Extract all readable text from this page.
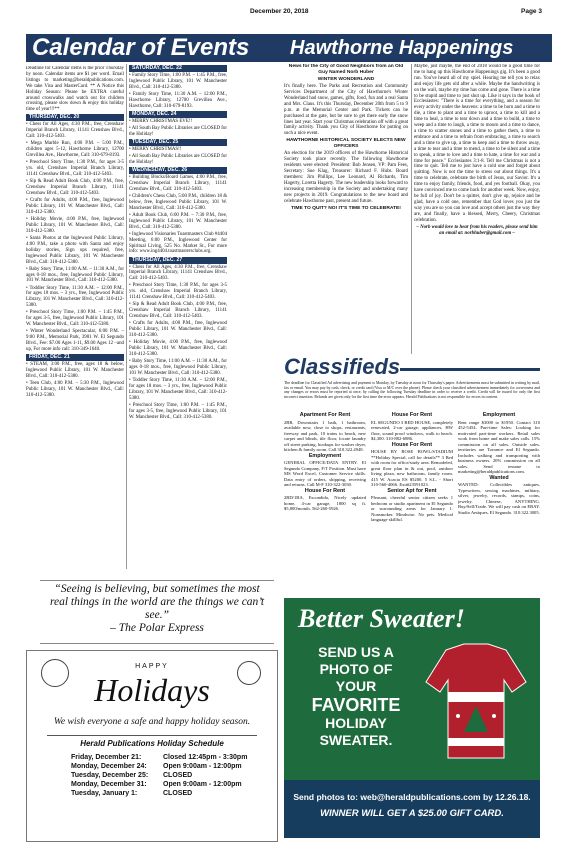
December 20, 2018	Page 3
Calendar of Events

Deadline for Calendar items is the prior Thursday by noon. Calendar items are $1 per word. Email listings to marketing@heraldpublications.com. We take Visa and MasterCard. ** A Notice this Holiday Season: Please be EXTRA careful around crosswalks and watch out for children crossing, please slow down & enjoy this holiday time of year!!!**

THURSDAY, DEC. 20

• Chess for All Ages, 4:30 P.M., free, Crenshaw Imperial Branch Library, 11141 Crenshaw Blvd., Call: 310-412-5403.

• Mega Marble Run, 4:00 P.M. – 5:00 P.M., children ages 5-12, Hawthorne Library, 12700 Grevillea Ave., Hawthorne, Call: 310-679-8193.

• Preschool Story Time, 1:30 P.M., for ages 3-5 yrs. old, Crenshaw Imperial Branch Library, 11141 Crenshaw Blvd., Call: 310-412-5403.

• Sip & Read Adult Book Club, 4:00 P.M., free, Crenshaw Imperial Branch Library, 11141 Crenshaw Blvd., Call: 310-412-5403.

• Crafts for Adults, 4:00 P.M., free, Inglewood Public Library, 101 W. Manchester Blvd., Call: 310-412-5380.

• Holiday Movie, 4:00 P.M., free, Inglewood Public Library, 101 W. Manchester Blvd., Call: 310-412-5380.

• Santa Photos at the Inglewood Public Library, 4:00 P.M., take a photo with Santa and enjoy holiday stories, Sign ups required, free, Inglewood Public Library, 101 W. Manchester Blvd., Call: 310-412-5380.

• Baby Story Time, 11:00 A.M. – 11:30 A.M., for ages 0-18 mos., free, Inglewood Public Library, 101 W. Manchester Blvd., Call: 310-412-5380.

• Toddler Story Time, 11:30 A.M. – 12:00 P.M., for ages 18 mos. – 3 yrs., free, Inglewood Public Library, 101 W. Manchester Blvd., Call: 310-412-5380.

• Preschool Story Time, 1:00 P.M. – 1:45 P.M., for ages 3-5, free, Inglewood Public Library, 101 W. Manchester Blvd., Call: 310-412-5380.

• Winter Wonderland Spectacular, 6:00 P.M. – 9:00 P.M., Memorial Park, 3901 W. El Segundo Blvd., Fee: $7.00 Ages 1-11, $9.00 Ages 12 –and up, For more info call: 310-349-1640.

FRIDAY, DEC. 21

• STEAM, 3:00 P.M., free, ages 18 & below, Inglewood Public Library, 101 W. Manchester Blvd., Call: 310-412-5380.

• Teen Club, 4:00 P.M. – 5:30 P.M., Inglewood Public Library, 101 W. Manchester Blvd., Call: 310-412-5380.

SATURDAY, DEC. 22

• Family Story Time, 1:00 P.M. – 1:45 P.M., free, Inglewood Public Library, 101 W. Manchester Blvd., Call: 310-412-5380.

• Family Story Time, 11:30 A.M. – 12:00 P.M., Hawthorne Library, 12700 Grevillea Ave., Hawthorne, Call: 310-679-8193.

MONDAY, DEC. 24

• MERRY CHRISTMAS EVE!!

• All South Bay Public Libraries are CLOSED for the Holiday!

TUESDAY, DEC. 25

• MERRY CHRISTMAS!!

• All South Bay Public Libraries are CLOSED for the Holiday!

WEDNESDAY, DEC. 26

• Building Blocks/Board Games, 4:00 P.M., free, Crenshaw Imperial Branch Library, 11141 Crenshaw Blvd., Call: 310-412-5403.

• Children's Chess Club, 5:00 P.M., children 18 & below, free, Inglewood Public Library, 101 W. Manchester Blvd., Call: 310-412-5380.

• Adult Book Club, 6:00 P.M. – 7:30 P.M., free, Inglewood Public Library, 101 W. Manchester Blvd., Call: 310-412-5380.

• Inglewood Visionaries Toastmasters Club #4404 Meeting, 6:00 P.M., Inglewood Center for Spiritual Living, 525 No. Market St., For more info: www.ing4404.toastmastersclubs.org.

THURSDAY, DEC. 27

• Chess for All Ages, 4:30 P.M., free, Crenshaw Imperial Branch Library, 11141 Crenshaw Blvd., Call: 310-412-5403.

• Preschool Story Time, 1:30 P.M., for ages 3-5 yrs. old, Crenshaw Imperial Branch Library, 11141 Crenshaw Blvd., Call: 310-412-5403.

• Sip & Read Adult Book Club, 4:00 P.M., free, Crenshaw Imperial Branch Library, 11141 Crenshaw Blvd., Call: 310-412-5403.

• Crafts for Adults, 4:00 P.M., free, Inglewood Public Library, 101 W. Manchester Blvd., Call: 310-412-5380.

• Holiday Movie, 4:00 P.M., free, Inglewood Public Library, 101 W. Manchester Blvd., Call: 310-412-5380.

• Baby Story Time, 11:00 A.M. – 11:30 A.M., for ages 0-18 mos., free, Inglewood Public Library, 101 W. Manchester Blvd., Call: 310-412-5380.

• Toddler Story Time, 11:30 A.M. – 12:00 P.M., for ages 18 mos. – 3 yrs., free, Inglewood Public Library, 101 W. Manchester Blvd., Call: 310-412-5380.

• Preschool Story Time, 1:00 P.M. – 1:45 P.M., for ages 3-5, free, Inglewood Public Library, 101 W. Manchester Blvd., Call: 310-412-5380.

“Seeing is believing, but sometimes the most real things in the world are the things we can’t see.”
– The Polar Express
HAPPY
Holidays
We wish everyone a safe and happy holiday season.
Herald Publications Holiday Schedule
Friday, December 21:	Closed 12:45pm - 3:30pm
Monday, December 24: Open 9:00am - 12:00pm
Tuesday, December 25: CLOSED
Monday, December 31: Open 9:00am - 12:00pm
Tuesday, January 1:	CLOSED
Hawthorne Happenings

News for the City of Good Neighbors from an Old Guy Named Norb Huber

WINTER WONDERLAND

It's finally here. The Parks and Recreation and Community Services Department of the City of Hawthorne's Winter Wonderland had snow, games, gifts, food, fun and a real Santa and Mrs. Claus. It's this Thursday, December 20th from 5 to 9 p.m. at the Memorial Center and Park. Tickets can be purchased at the gate, but be sure to get there early the snow lines last year. Start your Christmas celebration off with a great family activity. Thank you City of Hawthorne for putting on such a nice event.

HAWTHORNE HISTORICAL SOCIETY ELECTS NEW OFFICERS

An election for the 2019 officers of the Hawthorne Historical Society took place recently. The following Hawthorne residents were elected: President: Bob Jensen, VP: Pam Fees, Secretary: Sue Klag, Treasurer: Richard F. Hubs. Board members: Jim Phillips, Lee Leonard, Al Richards, Tim Hagerty, Loretta Hagerty. The new leadership looks forward to increasing membership in the Society and undertaking many new projects in 2019. Congratulations to the new board and celebrate Hawthorne past, present and future.

TIME TO QUIT? NO! IT'S TIME TO CELEBRATE!

Maybe, just maybe, the end of 2018 would be a good time for me to hang up this Hawthorne Happenings gig. It's been a good run. You've heard all of my spiel. Hearing me tell you to relax and enjoy life gets old after a while. Maybe the handwriting is on the wall, maybe my time has come and gone. There is a time to be stupid and time to just shut up. Like it says in the book of Ecclesiastes: "There is a time for everything, and a season for every activity under the heavens: a time to be born and a time to die, a time to plant and a time to uproot, a time to kill and a time to heal, a time to tear down and a time to build, a time to weep and a time to laugh, a time to mourn and a time to dance, a time to scatter stones and a time to gather them, a time to embrace and a time to refrain from embracing, a time to search and a time to give up, a time to keep and a time to throw away, a time to tear and a time to mend, a time to be silent and a time to speak, a time to love and a time to hate, a time for war and a time for peace." Ecclesiastes 3:1-8. Tell me Christmas is not a time to quit. Tell me to just have a cold one and forget about quitting. Now is not the time to stress out about things. It's a time to celebrate, celebrate the birth of Jesus, our Savior. It's a time to enjoy family, friends, food, and yes football. Okay, you have convinced me to come back for another week. Now, enjoy, be full of joy. Don't be a quitter, don't give up, rejoice and be glad, have a cold one, remember that God loves you just the way you are so you can love and accept others just the way they are, and finally, have a blessed, Merry, Cheery, Christmas celebration.

– Norb would love to hear from his readers, please send him an email at: norbhuber@gmail.com –

Classifieds
The deadline for Classified Ad advertising and payment is Monday, by Tuesday at noon for Thursday's paper. Advertisements must be submitted in writing by mail, fax or email. You may pay by cash, check, or credit card (Visa or M/C over the phone). Please check your classified advertisement immediately for correctness and any changes or errors must be reported at once, by calling the following Tuesday deadline in order to receive a credit. Credit will be issued for only the first incorrect insertion. Refunds are given only for the first time the error appears. Herald Publications is not responsible for errors in content.
Apartment For Rent
2BR, Downstairs 1 bath, 1 bathroom, available now, close to shops, restaurants, freeway and park, 10 trains to beach, new carpet and blinds, tile floor, locate laundry off street parking, hookups for washer dryer, kitchen & family room. Call 310.322.4948.
Employment
GENERAL OFFICE/DATA ENTRY. El Segundo Company, F/T Position. Must have MS Word Excel, Customer Service skills. Data entry of orders, shipping, receiving and returns. Call M-F 310-322-3030.
House For Rent
2BD/1BA, Escondido, Nicely updated home, 4-car garage, 1800 sq ft. $5,800/month. 562-260-5926.
House For Rent
EL SEGUNDO 3 BED HOUSE, completely renovated, 2-car garage, appliances, HW floor, sound proof windows, walk to beach. $4,300. 310-882-6886.
House For Rent
HOUSE BY ROSE BOWL/STADIUM **Holiday Special, call for details** 3 Bed with room for office/study area. Remodeled, great floor plan in & out, pool, outdoor living plaza, new bathroom, family room. 415 W. Acacia ES $5200. 5 S.L. - Short 310-560-4066. Exit#23591023.
Senior Apt for Rent
Pleasant, cheerful senior citizen seeks 1 bedroom or studio apartment in El Segundo or surrounding areas for January 1. Nonsmoker. Mindwise. No pets. Medical language skillful.
Employment
Rent range $3000 to $1950. Contact 310 452-5454. Part-time Sales: Looking for motivated part-time workers. Retail sales work from home and make sales calls. 15% commission on all sales. Outside sales. territories are Torrance and El Segundo. Includes walking and transporting with business owners. 20% commission on all sales. Send resume to marketing@heraldpublications.com.
Wanted
WANTED: Collectibles antiques, Typewriters, sewing machines, military, silver, jewelry, records, stamps, coins, jewelry. Chinese, ANYTHING. Buy/Sell/Trade. We will pay cash on EBAY. Studio Antiques, El Segundo. 310.322.3005.
Better Sweater!
SEND US A
PHOTO OF
YOUR
FAVORITE
HOLIDAY
SWEATER.
Send photos to: web@heraldpublications.com by 12.26.18.
WINNER WILL GET A $25.00 GIFT CARD.
